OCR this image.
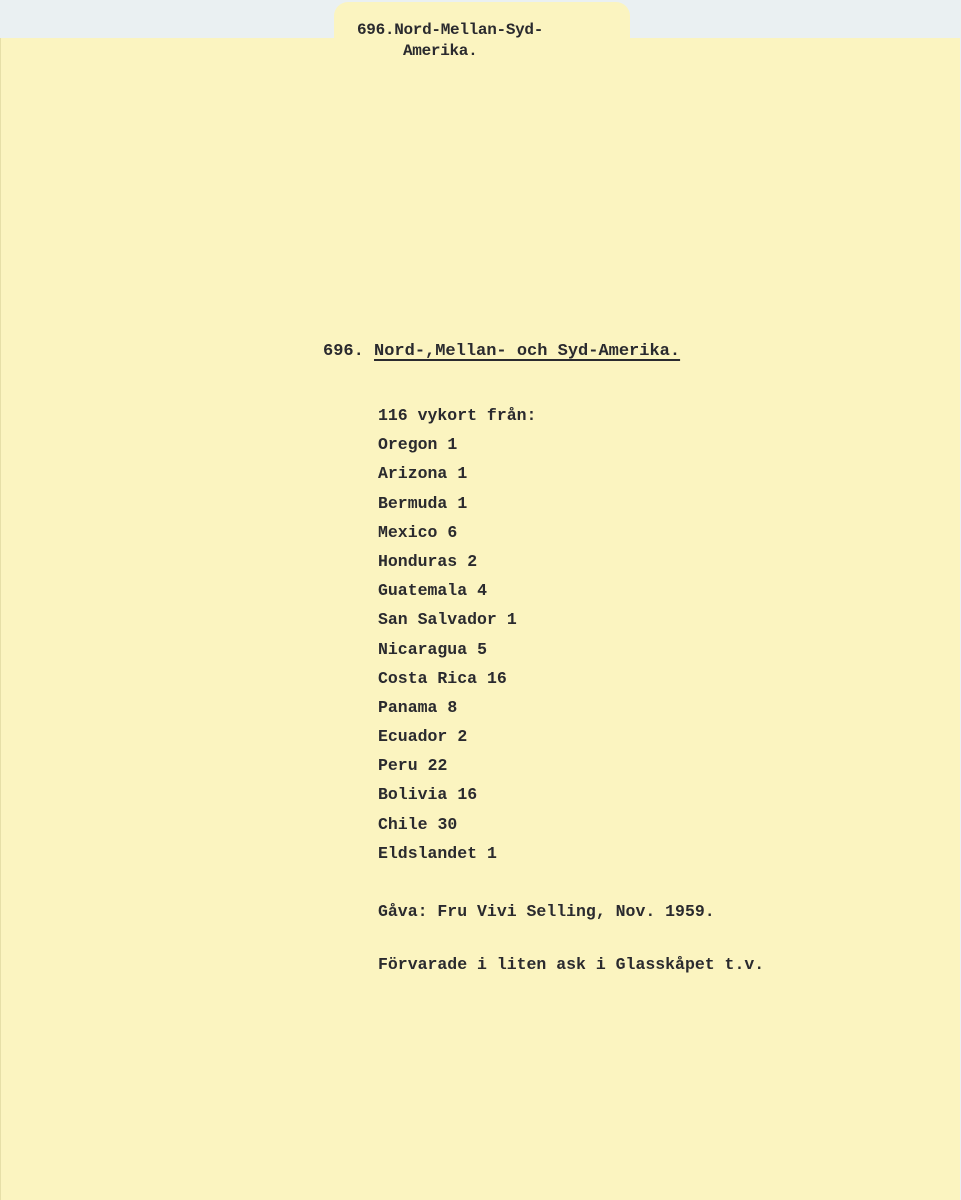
696.Nord-Mellan-Syd-
Amerika.
696. Nord-,Mellan- och Syd-Amerika.
116 vykort från:
Oregon 1
Arizona 1
Bermuda 1
Mexico 6
Honduras 2
Guatemala 4
San Salvador 1
Nicaragua 5
Costa Rica 16
Panama 8
Ecuador 2
Peru 22
Bolivia 16
Chile 30
Eldslandet 1
Gåva: Fru Vivi Selling, Nov. 1959.
Förvarade i liten ask i Glasskåpet t.v.
